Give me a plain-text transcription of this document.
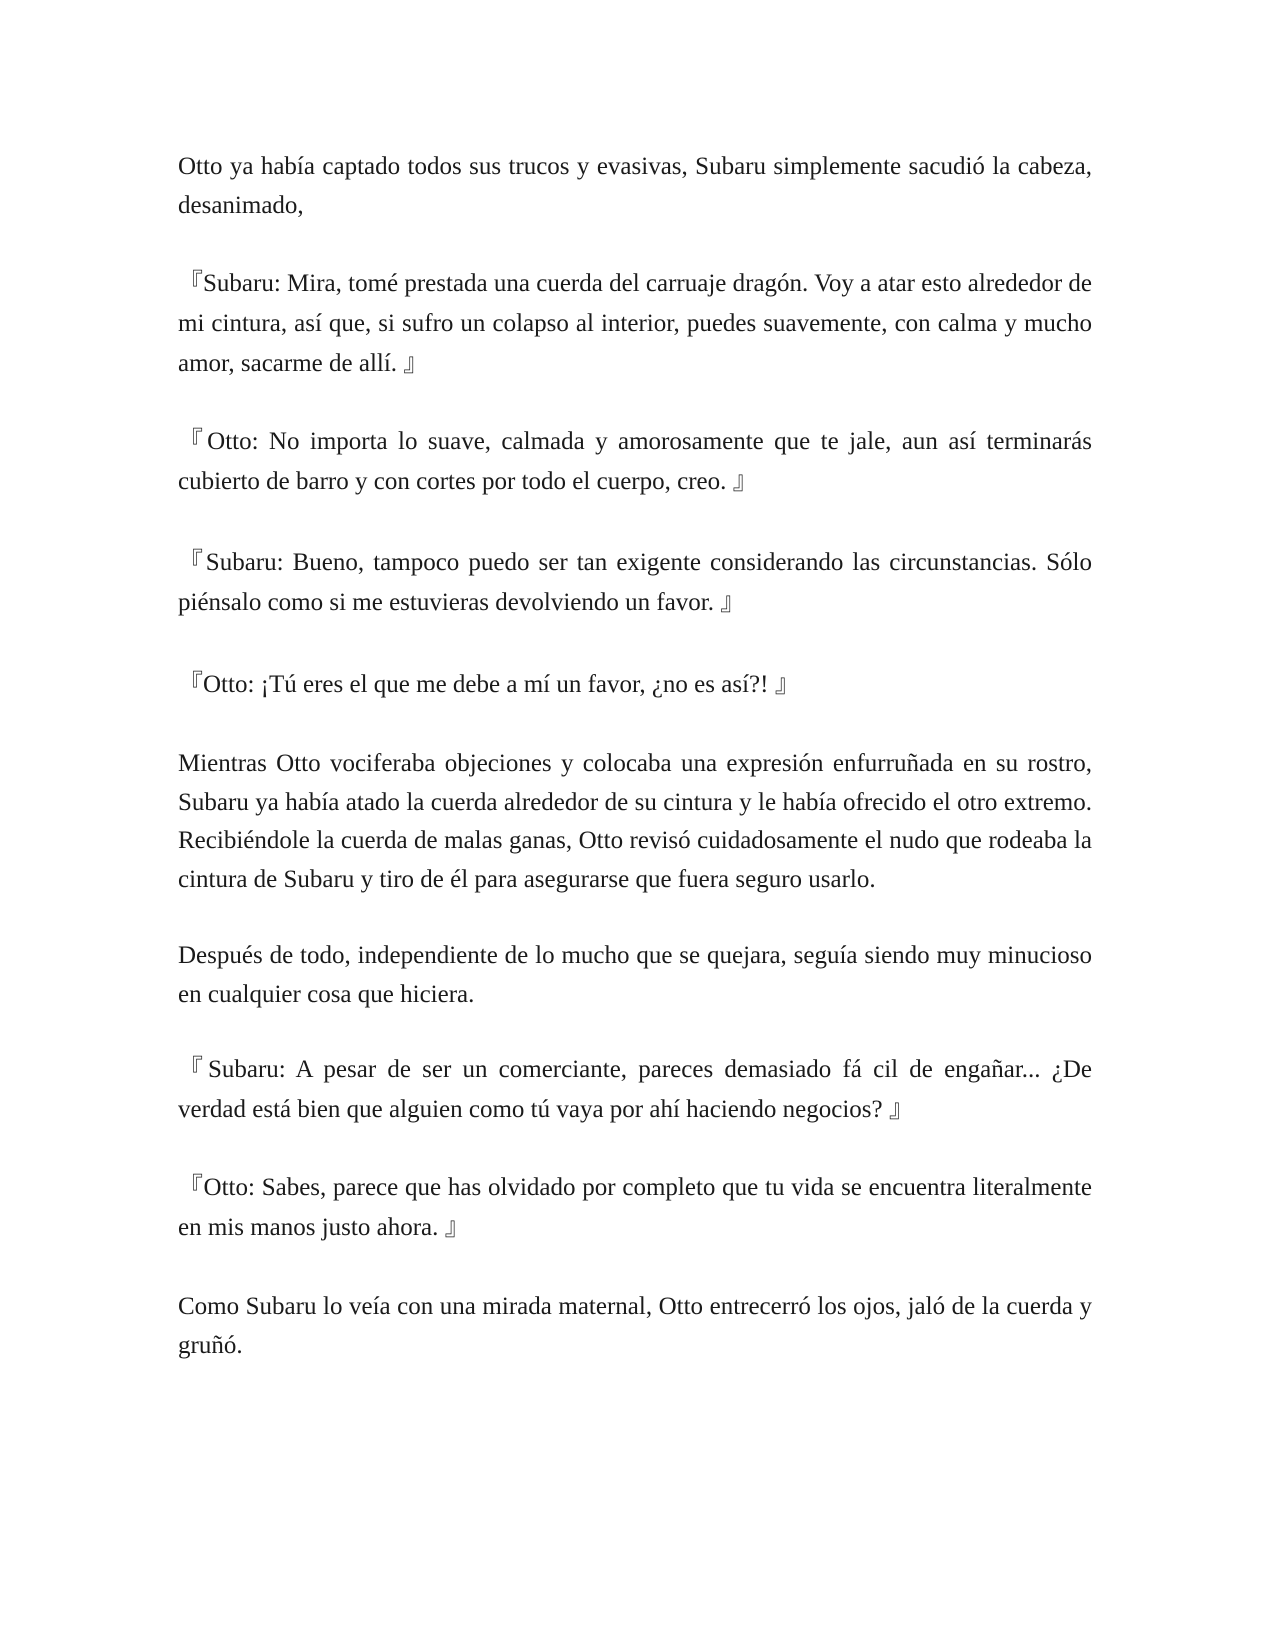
Otto ya había captado todos sus trucos y evasivas, Subaru simplemente sacudió la cabeza, desanimado,

『Subaru: Mira, tomé prestada una cuerda del carruaje dragón. Voy a atar esto alrededor de mi cintura, así que, si sufro un colapso al interior, puedes suavemente, con calma y mucho amor, sacarme de allí. 』

『Otto: No importa lo suave, calmada y amorosamente que te jale, aun así terminarás cubierto de barro y con cortes por todo el cuerpo, creo. 』

『Subaru: Bueno, tampoco puedo ser tan exigente considerando las circunstancias. Sólo piénsalo como si me estuvieras devolviendo un favor. 』

『Otto: ¡Tú eres el que me debe a mí un favor, ¿no es así?! 』

Mientras Otto vociferaba objeciones y colocaba una expresión enfurruñada en su rostro, Subaru ya había atado la cuerda alrededor de su cintura y le había ofrecido el otro extremo. Recibiéndole la cuerda de malas ganas, Otto revisó cuidadosamente el nudo que rodeaba la cintura de Subaru y tiro de él para asegurarse que fuera seguro usarlo.

Después de todo, independiente de lo mucho que se quejara, seguía siendo muy minucioso en cualquier cosa que hiciera.

『Subaru: A pesar de ser un comerciante, pareces demasiado fá cil de engañar... ¿De verdad está bien que alguien como tú vaya por ahí haciendo negocios? 』

『Otto: Sabes, parece que has olvidado por completo que tu vida se encuentra literalmente en mis manos justo ahora. 』

Como Subaru lo veía con una mirada maternal, Otto entrecerró los ojos, jaló de la cuerda y gruñó.
